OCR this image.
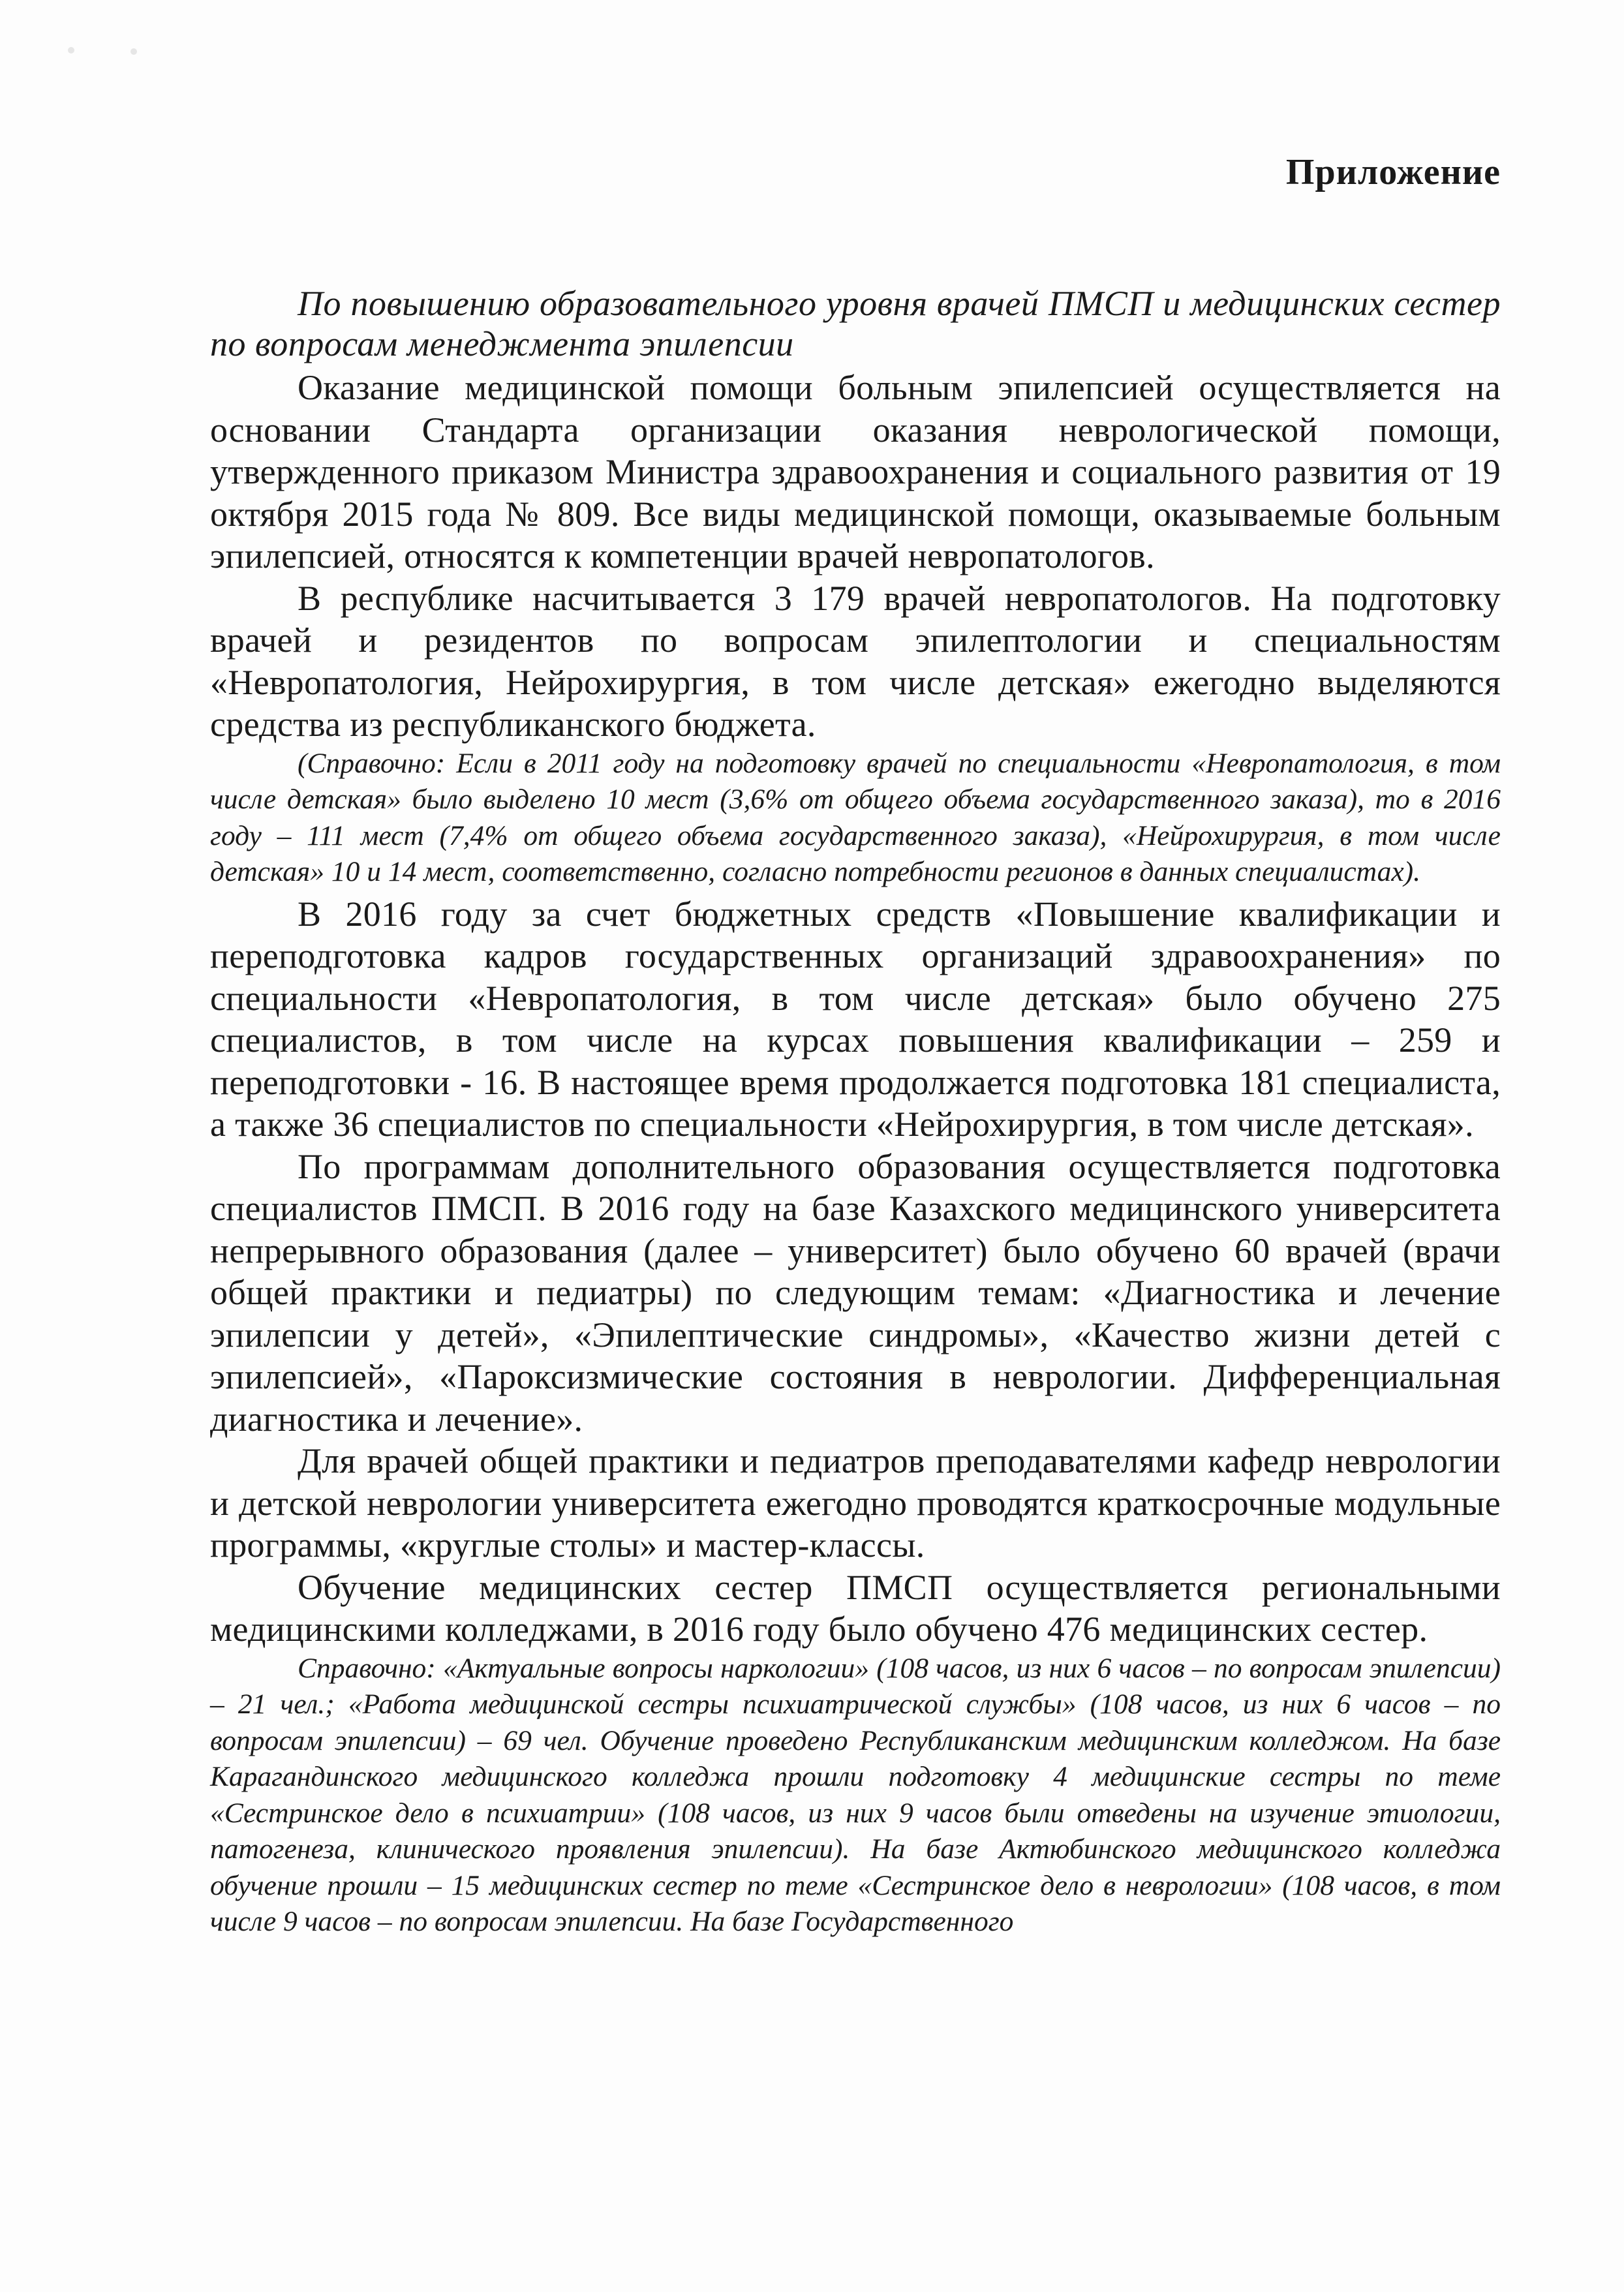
Приложение
По повышению образовательного уровня врачей ПМСП и медицинских сестер по вопросам менеджмента эпилепсии

Оказание медицинской помощи больным эпилепсией осуществляется на основании Стандарта организации оказания неврологической помощи, утвержденного приказом Министра здравоохранения и социального развития от 19 октября 2015 года № 809. Все виды медицинской помощи, оказываемые больным эпилепсией, относятся к компетенции врачей невропатологов.

В республике насчитывается 3 179 врачей невропатологов. На подготовку врачей и резидентов по вопросам эпилептологии и специальностям «Невропатология, Нейрохирургия, в том числе детская» ежегодно выделяются средства из республиканского бюджета.

(Справочно: Если в 2011 году на подготовку врачей по специальности «Невропатология, в том числе детская» было выделено 10 мест (3,6% от общего объема государственного заказа), то в 2016 году – 111 мест (7,4% от общего объема государственного заказа), «Нейрохирургия, в том числе детская» 10 и 14 мест, соответственно, согласно потребности регионов в данных специалистах).

В 2016 году за счет бюджетных средств «Повышение квалификации и переподготовка кадров государственных организаций здравоохранения» по специальности «Невропатология, в том числе детская» было обучено 275 специалистов, в том числе на курсах повышения квалификации – 259 и переподготовки - 16. В настоящее время продолжается подготовка 181 специалиста, а также 36 специалистов по специальности «Нейрохирургия, в том числе детская».

По программам дополнительного образования осуществляется подготовка специалистов ПМСП. В 2016 году на базе Казахского медицинского университета непрерывного образования (далее – университет) было обучено 60 врачей (врачи общей практики и педиатры) по следующим темам: «Диагностика и лечение эпилепсии у детей», «Эпилептические синдромы», «Качество жизни детей с эпилепсией», «Пароксизмические состояния в неврологии. Дифференциальная диагностика и лечение».

Для врачей общей практики и педиатров преподавателями кафедр неврологии и детской неврологии университета ежегодно проводятся краткосрочные модульные программы, «круглые столы» и мастер-классы.

Обучение медицинских сестер ПМСП осуществляется региональными медицинскими колледжами, в 2016 году было обучено 476 медицинских сестер.

Справочно: «Актуальные вопросы наркологии» (108 часов, из них 6 часов – по вопросам эпилепсии) – 21 чел.; «Работа медицинской сестры психиатрической службы» (108 часов, из них 6 часов – по вопросам эпилепсии) – 69 чел. Обучение проведено Республиканским медицинским колледжом. На базе Карагандинского медицинского колледжа прошли подготовку 4 медицинские сестры по теме «Сестринское дело в психиатрии» (108 часов, из них 9 часов были отведены на изучение этиологии, патогенеза, клинического проявления эпилепсии). На базе Актюбинского медицинского колледжа обучение прошли – 15 медицинских сестер по теме «Сестринское дело в неврологии» (108 часов, в том числе 9 часов – по вопросам эпилепсии. На базе Государственного
